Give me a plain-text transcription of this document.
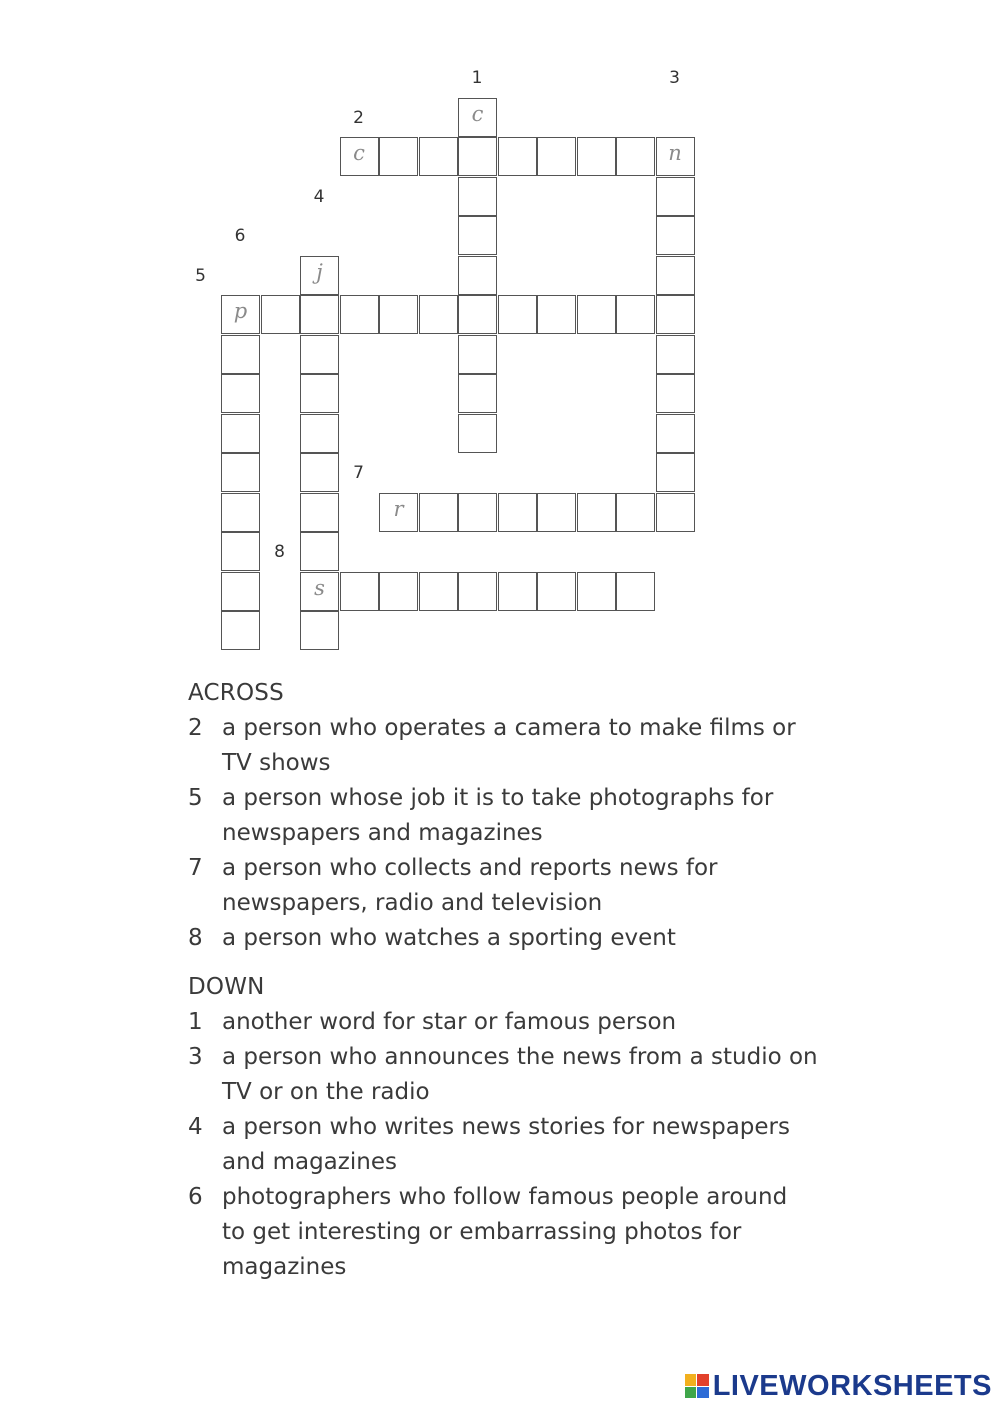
c
c	n
j
s
p
r
1
2
3
4
5
6
7
8
ACROSS
2 a person who operates a camera to make films or
TV shows
5 a person whose job it is to take photographs for
newspapers and magazines
7 a person who collects and reports news for
newspapers, radio and television
8 a person who watches a sporting event
DOWN
1 another word for star or famous person
3 a person who announces the news from a studio on
TV or on the radio
4 a person who writes news stories for newspapers
and magazines
6 photographers who follow famous people around
to get interesting or embarrassing photos for
magazines
LIVEWORKSHEETS
